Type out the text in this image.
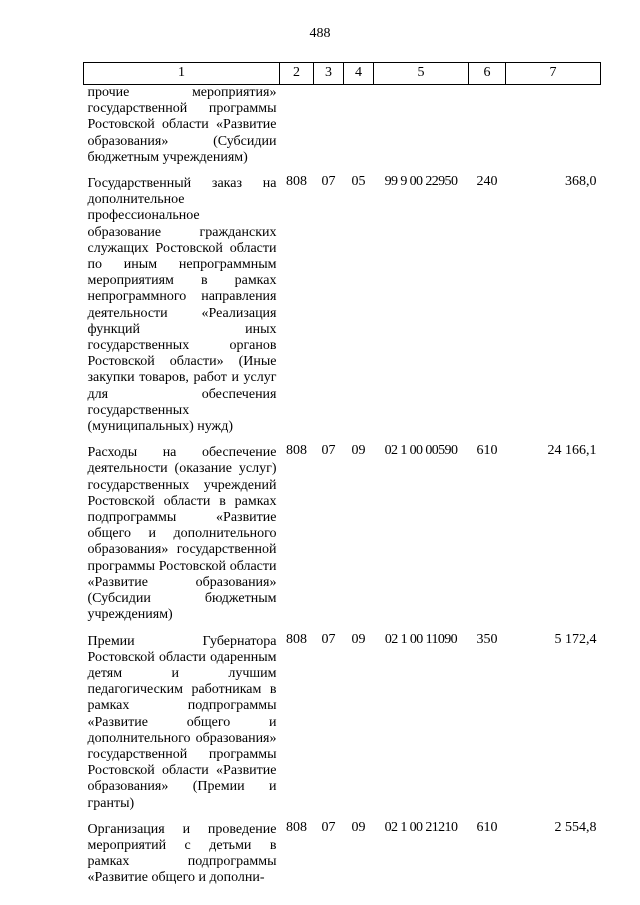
488
1	2	3	4	5	6	7
прочие мероприятия» государственной программы Ростовской области «Развитие образования» (Субсидии бюджетным учреждениям)						
Государственный заказ на дополнительное профессиональное образование гражданских служащих Ростовской области по иным непрограммным мероприятиям в рамках непрограммного направления деятельности «Реализация функций иных государственных органов Ростовской области» (Иные закупки товаров, работ и услуг для обеспечения государственных (муниципальных) нужд)	808	07	05	99 9 00 22950	240	368,0
Расходы на обеспечение деятельности (оказание услуг) государственных учреждений Ростовской области в рамках подпрограммы «Развитие общего и дополнительного образования» государственной программы Ростовской области «Развитие образования» (Субсидии бюджетным учреждениям)	808	07	09	02 1 00 00590	610	24 166,1
Премии Губернатора Ростовской области одаренным детям и лучшим педагогическим работникам в рамках подпрограммы «Развитие общего и дополнительного образования» государственной программы Ростовской области «Развитие образования» (Премии и гранты)	808	07	09	02 1 00 11090	350	5 172,4
Организация и проведение мероприятий с детьми в рамках подпрограммы «Развитие общего и дополни-	808	07	09	02 1 00 21210	610	2 554,8
